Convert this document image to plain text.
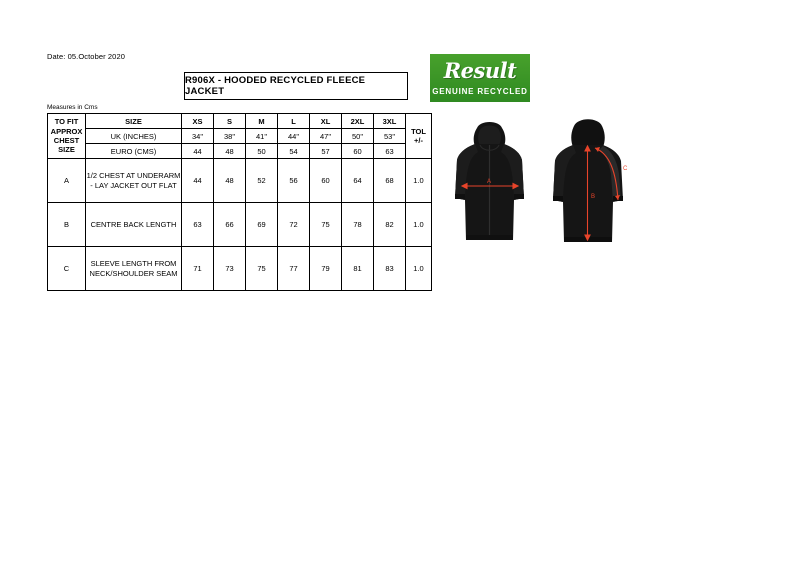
Date: 05.October 2020
R906X - HOODED RECYCLED FLEECE JACKET
Result
GENUINE RECYCLED
Measures in Cms
TO FIT APPROX CHEST SIZE	SIZE	XS	S	M	L	XL	2XL	3XL	TOL +/-
	UK (INCHES)	34"	38"	41"	44"	47"	50"	53"	
	EURO (CMS)	44	48	50	54	57	60	63	
A	1/2 CHEST AT UNDERARM - LAY JACKET OUT FLAT	44	48	52	56	60	64	68	1.0
B	CENTRE BACK LENGTH	63	66	69	72	75	78	82	1.0
C	SLEEVE LENGTH FROM NECK/SHOULDER SEAM	71	73	75	77	79	81	83	1.0
A
B
C
